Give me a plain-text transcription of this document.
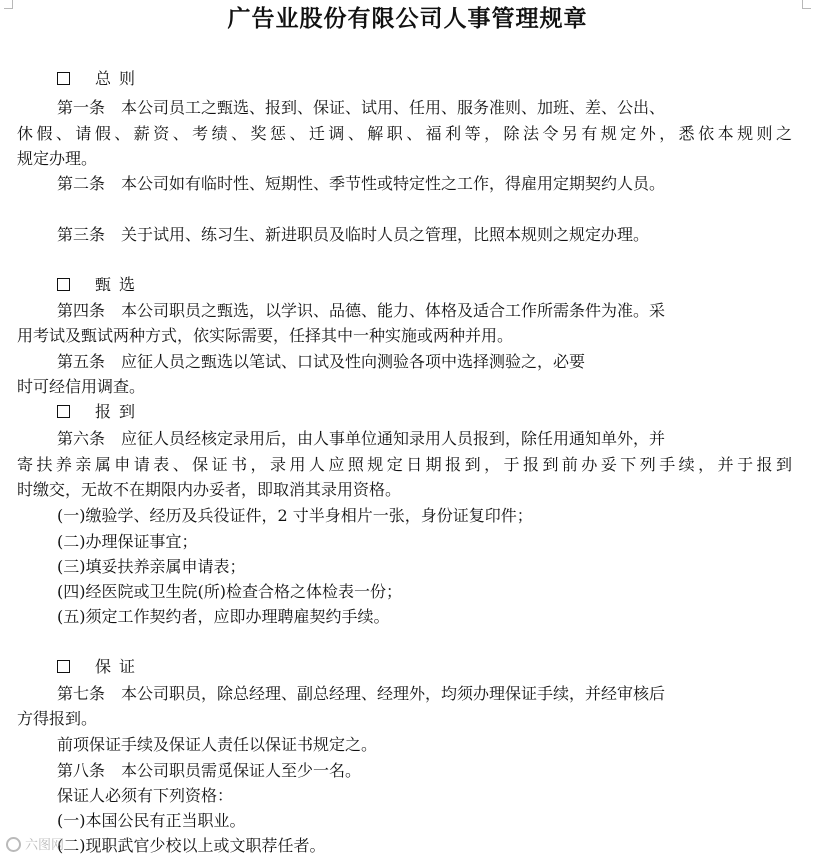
广告业股份有限公司人事管理规章
总则
第一条　本公司员工之甄选、报到、保证、试用、任用、服务准则、加班、差、公出、
休假、请假、薪资、考绩、奖惩、迁调、解职、福利等，除法令另有规定外，悉依本规则之
规定办理。
第二条　本公司如有临时性、短期性、季节性或特定性之工作，得雇用定期契约人员。
第三条　关于试用、练习生、新进职员及临时人员之管理，比照本规则之规定办理。
甄选
第四条　本公司职员之甄选，以学识、品德、能力、体格及适合工作所需条件为准。采
用考试及甄试两种方式，依实际需要，任择其中一种实施或两种并用。
第五条　应征人员之甄选以笔试、口试及性向测验各项中选择测验之，必要
时可经信用调查。
报到
第六条　应征人员经核定录用后，由人事单位通知录用人员报到，除任用通知单外，并
寄扶养亲属申请表、保证书，录用人应照规定日期报到，于报到前办妥下列手续，并于报到
时缴交，无故不在期限内办妥者，即取消其录用资格。
(一)缴验学、经历及兵役证件，2 寸半身相片一张，身份证复印件；
(二)办理保证事宜；
(三)填妥扶养亲属申请表；
(四)经医院或卫生院(所)检查合格之体检表一份；
(五)须定工作契约者，应即办理聘雇契约手续。
保证
第七条　本公司职员，除总经理、副总经理、经理外，均须办理保证手续，并经审核后
方得报到。
前项保证手续及保证人责任以保证书规定之。
第八条　本公司职员需觅保证人至少一名。
保证人必须有下列资格：
(一)本国公民有正当职业。
(二)现职武官少校以上或文职荐任者。
六图网
